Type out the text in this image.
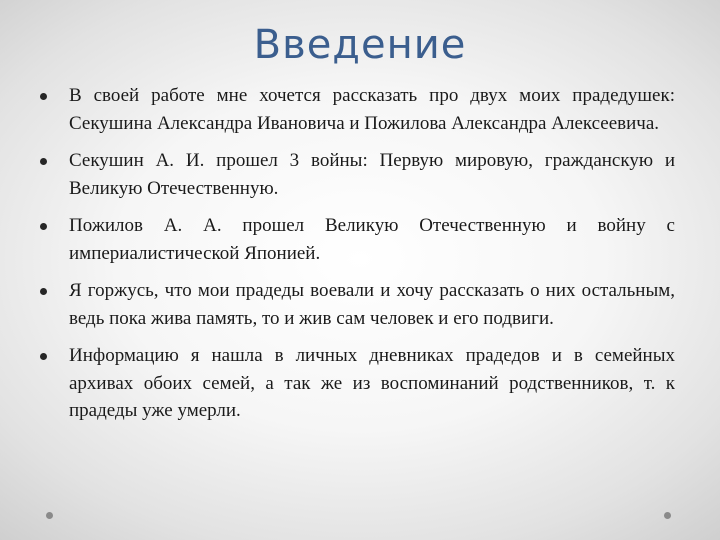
Введение
В своей работе мне хочется рассказать про двух моих прадедушек: Секушина Александра Ивановича и Пожилова Александра Алексеевича.
Секушин А. И. прошел 3 войны: Первую мировую, гражданскую и Великую Отечественную.
Пожилов А. А. прошел Великую Отечественную и войну с империалистической Японией.
Я горжусь, что мои прадеды воевали и хочу рассказать о них остальным, ведь пока жива память, то и жив сам человек и его подвиги.
Информацию я нашла в личных дневниках прадедов и в семейных архивах обоих семей, а так же из воспоминаний родственников, т. к прадеды уже умерли.
